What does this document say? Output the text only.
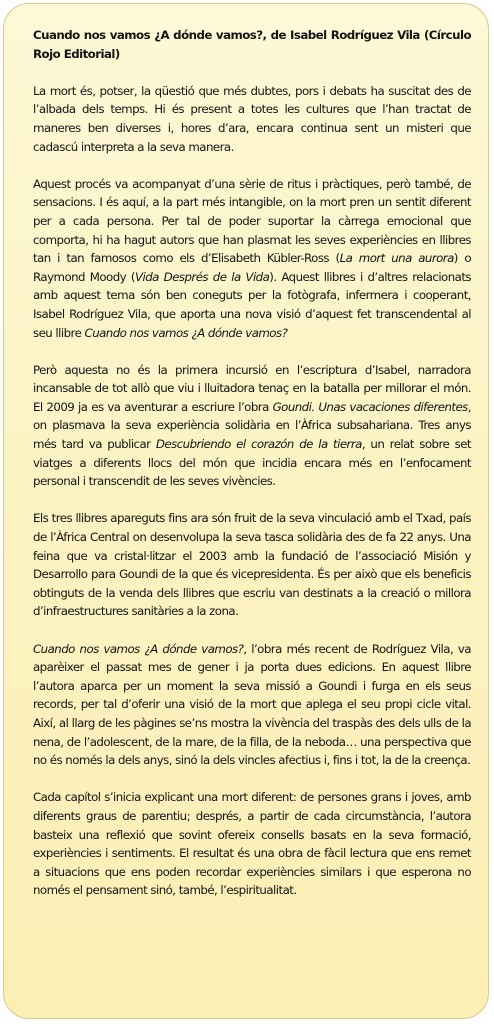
Cuando nos vamos ¿A dónde vamos?, de Isabel Rodríguez Vila (Círculo Rojo Editorial)

La mort és, potser, la qüestió que més dubtes, pors i debats ha suscitat des de l’albada dels temps. Hi és present a totes les cultures que l’han tractat de maneres ben diverses i, hores d’ara, encara continua sent un misteri que cadascú interpreta a la seva manera.

Aquest procés va acompanyat d’una sèrie de ritus i pràctiques, però també, de sensacions. I és aquí, a la part més intangible, on la mort pren un sentit diferent per a cada persona. Per tal de poder suportar la càrrega emocional que comporta, hi ha hagut autors que han plasmat les seves experiències en llibres tan i tan famosos como els d’Elisabeth Kübler-Ross (La mort una aurora) o Raymond Moody (Vida Després de la Vida). Aquest llibres i d’altres relacionats amb aquest tema són ben coneguts per la fotògrafa, infermera i cooperant, Isabel Rodríguez Vila, que aporta una nova visió d’aquest fet transcendental al seu llibre Cuando nos vamos ¿A dónde vamos?

Però aquesta no és la primera incursió en l’escriptura d’Isabel, narradora incansable de tot allò que viu i lluitadora tenaç en la batalla per millorar el món. El 2009 ja es va aventurar a escriure l’obra Goundi. Unas vacaciones diferentes, on plasmava la seva experiència solidària en l’Àfrica subsahariana. Tres anys més tard va publicar Descubriendo el corazón de la tierra, un relat sobre set viatges a diferents llocs del món que incidia encara més en l’enfocament personal i transcendit de les seves vivències.

Els tres llibres apareguts fins ara són fruit de la seva vinculació amb el Txad, país de l’Àfrica Central on desenvolupa la seva tasca solidària des de fa 22 anys. Una feina que va cristal·litzar el 2003 amb la fundació de l’associació Misión y Desarrollo para Goundi de la que és vicepresidenta. És per això que els beneficis obtinguts de la venda dels llibres que escriu van destinats a la creació o millora d’infraestructures sanitàries a la zona.

Cuando nos vamos ¿A dónde vamos?, l’obra més recent de Rodríguez Vila, va aparèixer el passat mes de gener i ja porta dues edicions. En aquest llibre l’autora aparca per un moment la seva missió a Goundi i furga en els seus records, per tal d’oferir una visió de la mort que aplega el seu propi cicle vital. Així, al llarg de les pàgines se’ns mostra la vivència del traspàs des dels ulls de la nena, de l’adolescent, de la mare, de la filla, de la neboda… una perspectiva que no és només la dels anys, sinó la dels vincles afectius i, fins i tot, la de la creença.

Cada capítol s’inicia explicant una mort diferent: de persones grans i joves, amb diferents graus de parentiu; després, a partir de cada circumstància, l’autora basteix una reflexió que sovint ofereix consells basats en la seva formació, experiències i sentiments. El resultat és una obra de fàcil lectura que ens remet a situacions que ens poden recordar experiències similars i que esperona no només el pensament sinó, també, l’espiritualitat.
